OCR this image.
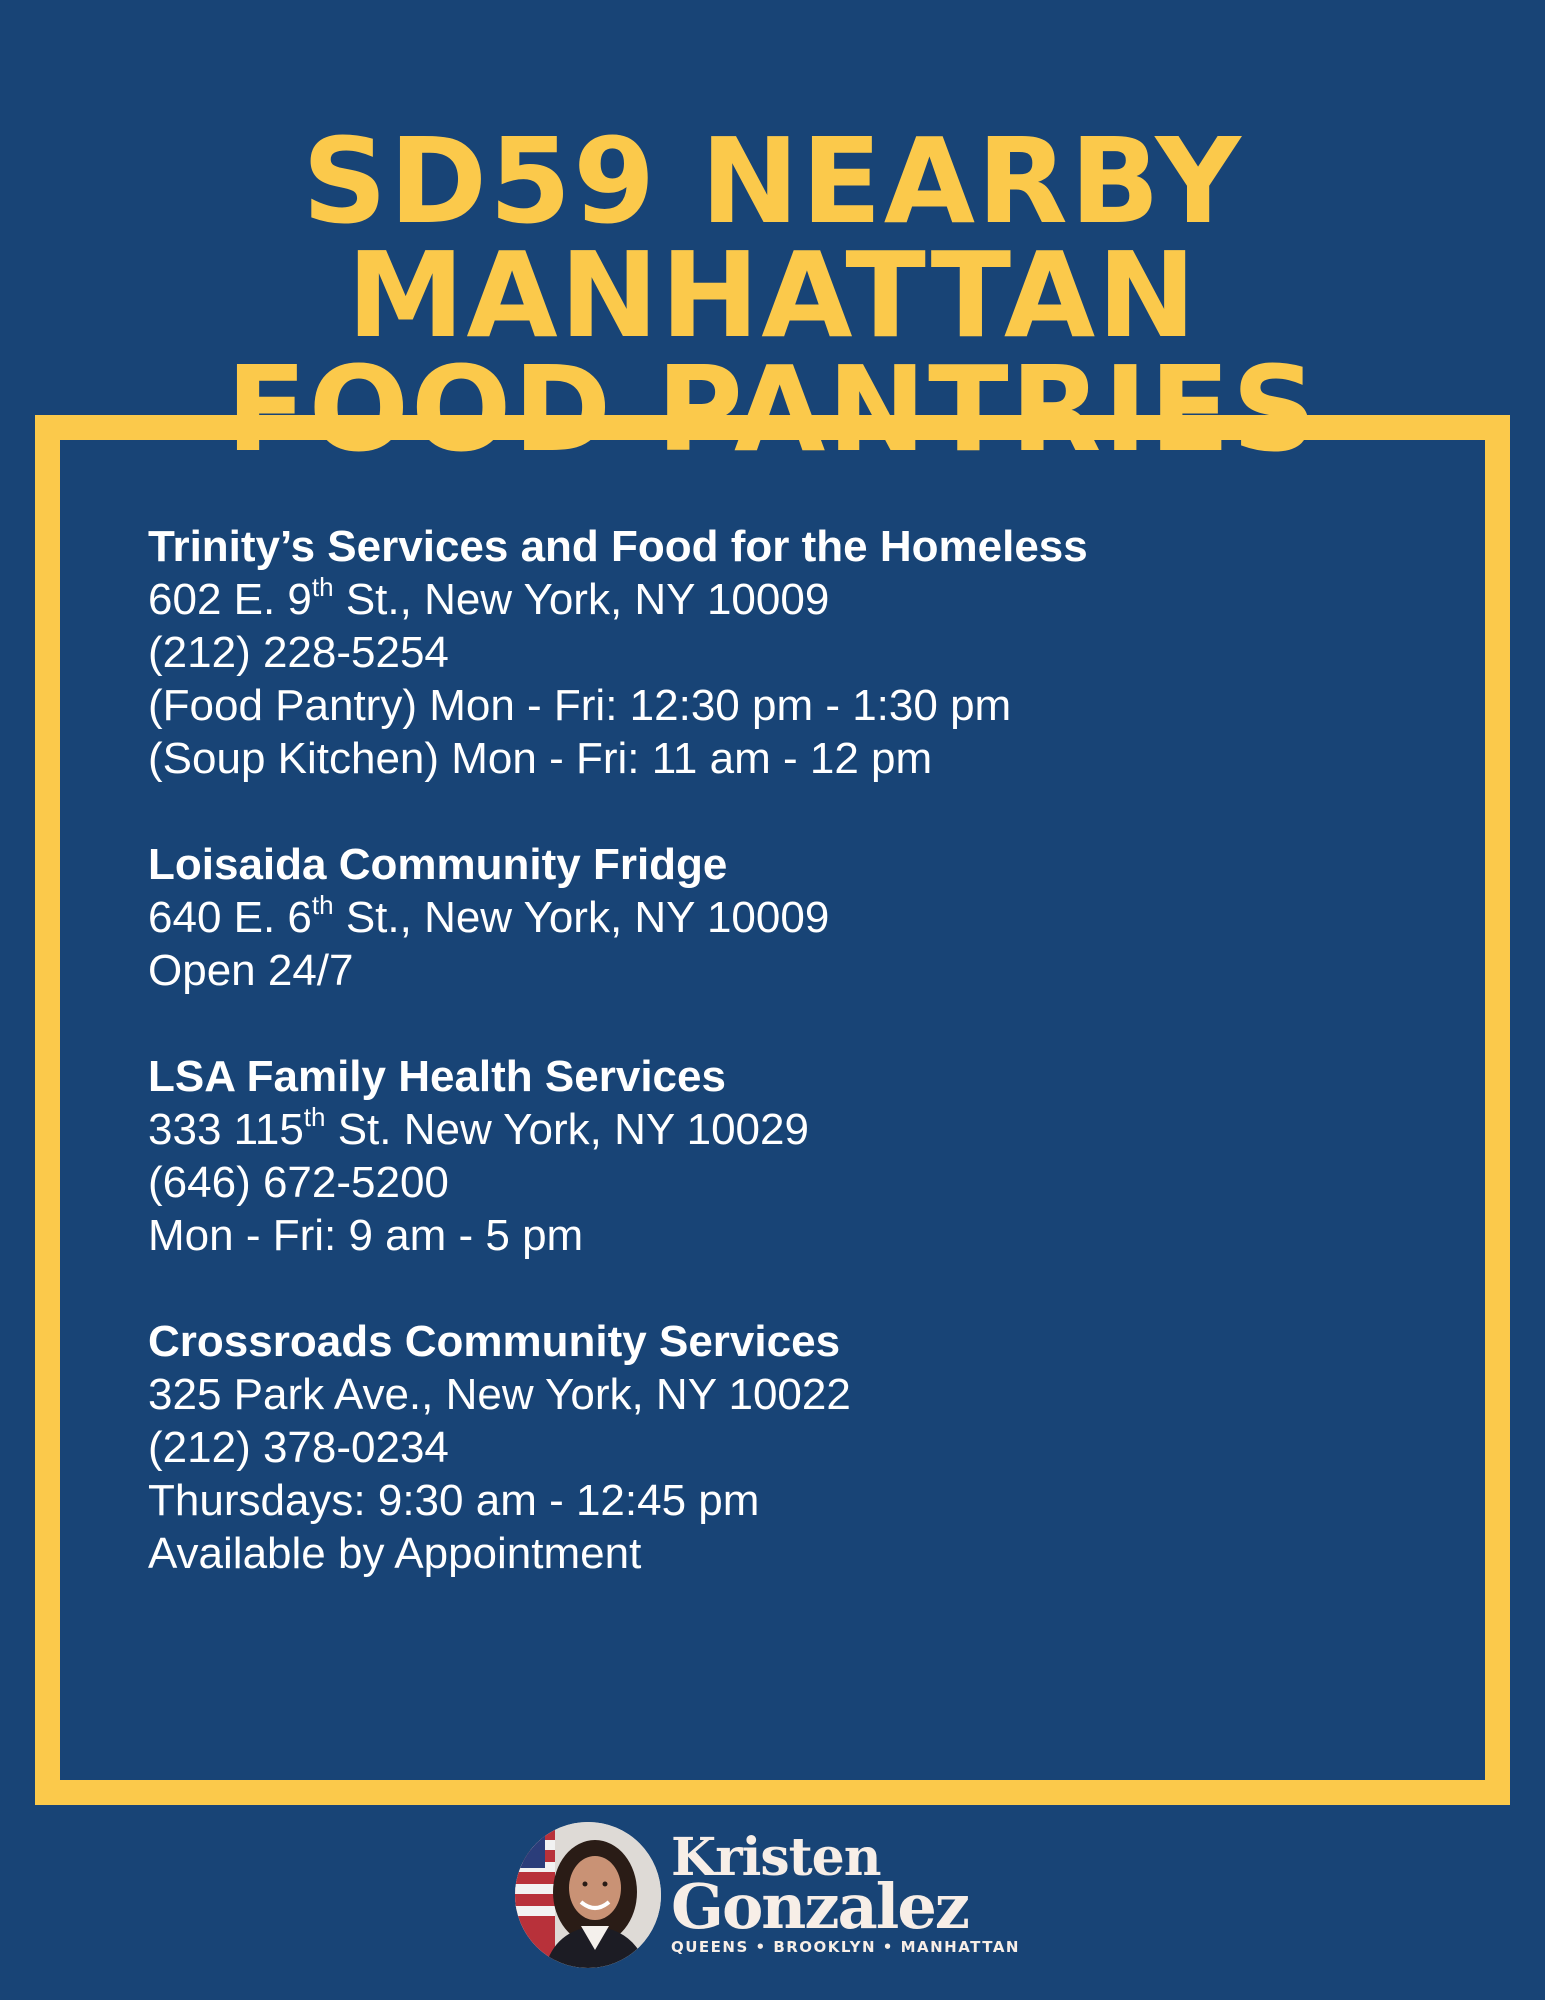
SD59 NEARBY
MANHATTAN
FOOD PANTRIES
Trinity’s Services and Food for the Homeless
602 E. 9th St., New York, NY 10009
(212) 228-5254
(Food Pantry) Mon - Fri: 12:30 pm - 1:30 pm
(Soup Kitchen) Mon - Fri: 11 am - 12 pm
Loisaida Community Fridge
640 E. 6th St., New York, NY 10009
Open 24/7
LSA Family Health Services
333 115th St. New York, NY 10029
(646) 672-5200
Mon - Fri: 9 am - 5 pm
Crossroads Community Services
325 Park Ave., New York, NY 10022
(212) 378-0234
Thursdays: 9:30 am - 12:45 pm
Available by Appointment
Kristen
Gonzalez
QUEENS • BROOKLYN • MANHATTAN
